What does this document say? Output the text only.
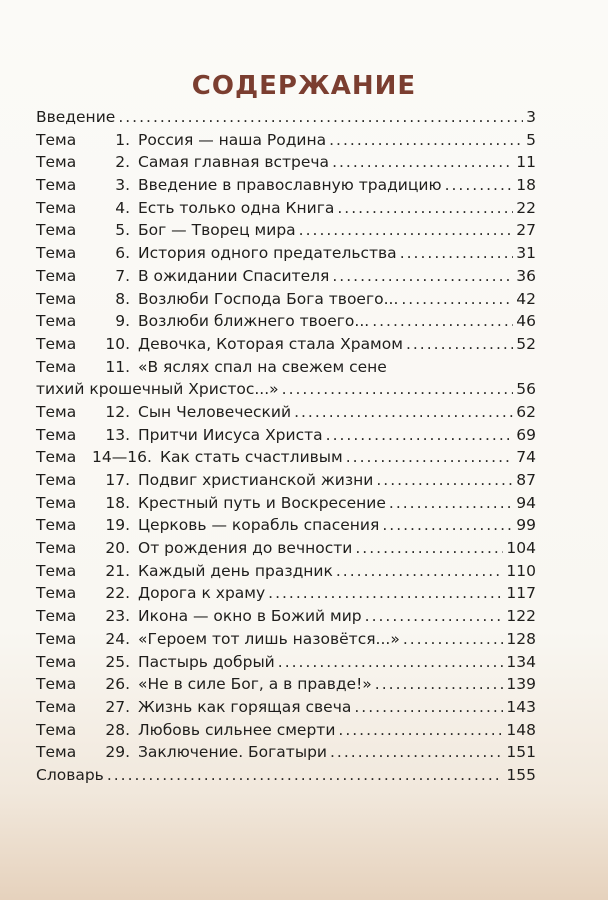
СОДЕРЖАНИЕ
Введение .....	3
Тема	1. Россия — наша Родина .....	5
Тема	2. Самая главная встреча .....	11
Тема	3. Введение в православную традицию .....	18
Тема	4. Есть только одна Книга .....	22
Тема	5. Бог — Творец мира .....	27
Тема	6. История одного предательства .....	31
Тема	7. В ожидании Спасителя .....	36
Тема	8. Возлюби Господа Бога твоего... .....	42
Тема	9. Возлюби ближнего твоего... .....	46
Тема	10. Девочка, Которая стала Храмом .....	52
Тема	11. «В яслях спал на свежем сене
тихий крошечный Христос...» .....	56
Тема	12. Сын Человеческий .....	62
Тема	13. Притчи Иисуса Христа .....	69
Тема	14—16. Как стать счастливым .....	74
Тема	17. Подвиг христианской жизни .....	87
Тема	18. Крестный путь и Воскресение .....	94
Тема	19. Церковь — корабль спасения .....	99
Тема	20. От рождения до вечности .....	104
Тема	21. Каждый день праздник .....	110
Тема	22. Дорога к храму .....	117
Тема	23. Икона — окно в Божий мир .....	122
Тема	24. «Героем тот лишь назовётся...» .....	128
Тема	25. Пастырь добрый .....	134
Тема	26. «Не в силе Бог, а в правде!» .....	139
Тема	27. Жизнь как горящая свеча .....	143
Тема	28. Любовь сильнее смерти .....	148
Тема	29. Заключение. Богатыри .....	151
Словарь .....	155
